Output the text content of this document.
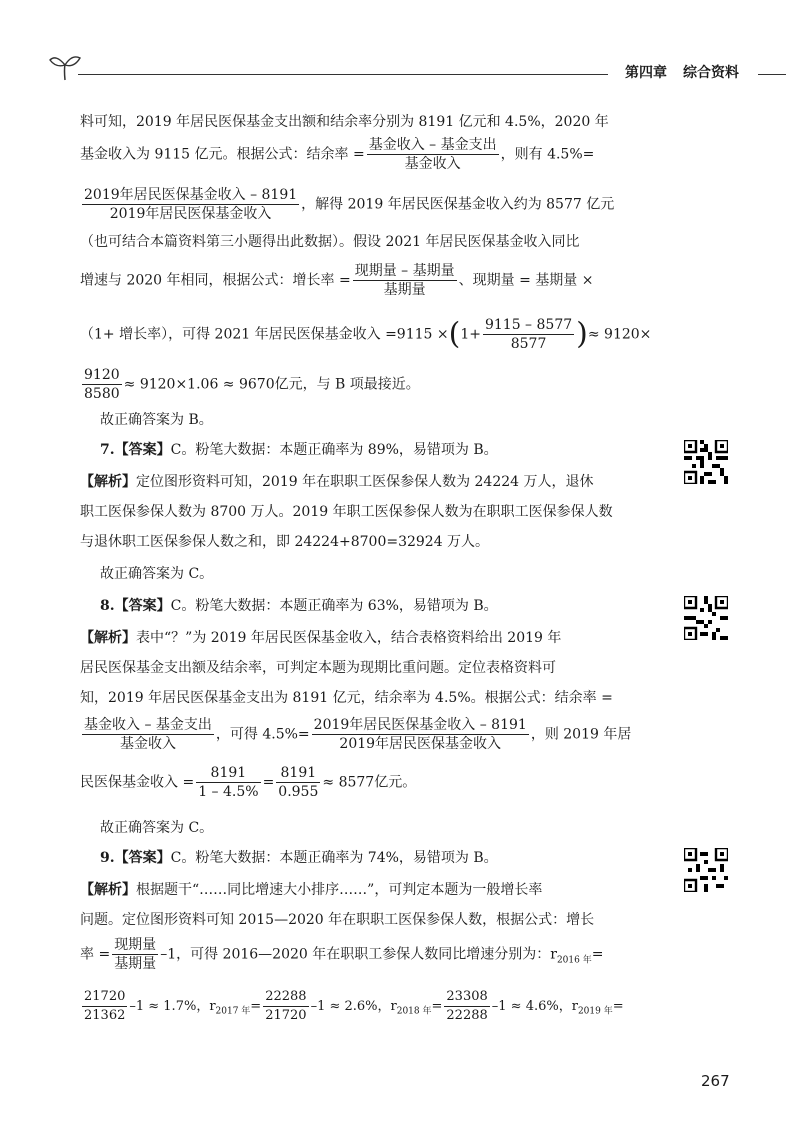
第四章 综合资料
料可知，2019 年居民医保基金支出额和结余率分别为 8191 亿元和 4.5%，2020 年
基金收入为 9115 亿元。根据公式：结余率 = $\frac{\text{基金收入 – 基金支出}}{\text{基金收入}}$ ，则有 4.5%=
$\frac{\text{2019年居民医保基金收入 – 8191}}{\text{2019年居民医保基金收入}}$ ，解得 2019 年居民医保基金收入约为 8577 亿元
（也可结合本篇资料第三小题得出此数据）。假设 2021 年居民医保基金收入同比
增速与 2020 年相同，根据公式：增长率 = $\frac{\text{现期量 – 基期量}}{\text{基期量}}$ 、现期量 = 基期量 ×
（1+ 增长率），可得 2021 年居民医保基金收入 $=9115 \times(1+ \frac{9115 - 8577}{8577}$ )≈ 9120×
$\frac{9120}{8580} \approx 9120\times 1.06 \approx 9670$亿元，与 B 项最接近。
故正确答案为 B。
7.【答案】C。粉笔大数据：本题正确率为 89%，易错项为 B。
【解析】定位图形资料可知，2019 年在职职工医保参保人数为 24224 万人，退休
职工医保参保人数为 8700 万人。2019 年职工医保参保人数为在职职工医保参保人数
与退休职工医保参保人数之和，即 24224+8700=32924 万人。
故正确答案为 C。
8.【答案】C。粉笔大数据：本题正确率为 63%，易错项为 B。
【解析】表中“？”为 2019 年居民医保基金收入，结合表格资料给出 2019 年
居民医保基金支出额及结余率，可判定本题为现期比重问题。定位表格资料可
知，2019 年居民医保基金支出为 8191 亿元，结余率为 4.5%。根据公式：结余率 =
$\frac{\text{基金收入 – 基金支出}}{\text{基金收入}}$ ，可得 $4.5\%= \frac{\text{2019年居民医保基金收入 – 8191}}{\text{2019年居民医保基金收入}}$ ，则 2019 年居
民医保基金收入 = $\frac{8191}{1 - 4.5\%} = \frac{8191}{0.955} \approx 8577$亿元。
故正确答案为 C。
9.【答案】C。粉笔大数据：本题正确率为 74%，易错项为 B。
【解析】根据题干“……同比增速大小排序……”，可判定本题为一般增长率
问题。定位图形资料可知 2015—2020 年在职职工医保参保人数，根据公式：增长
率 = $\frac{\text{现期量}}{\text{基期量}} -1$，可得 2016—2020 年在职职工参保人数同比增速分别为：$r_{2016 年}=$
$\frac{21720}{21362} -1 \approx 1.7\%$，$r_{2017 年}= \frac{22288}{21720} -1 \approx 2.6\%$，$r_{2018 年}= \frac{23308}{22288} -1 \approx 4.6\%$，$r_{2019 年}=$
267
